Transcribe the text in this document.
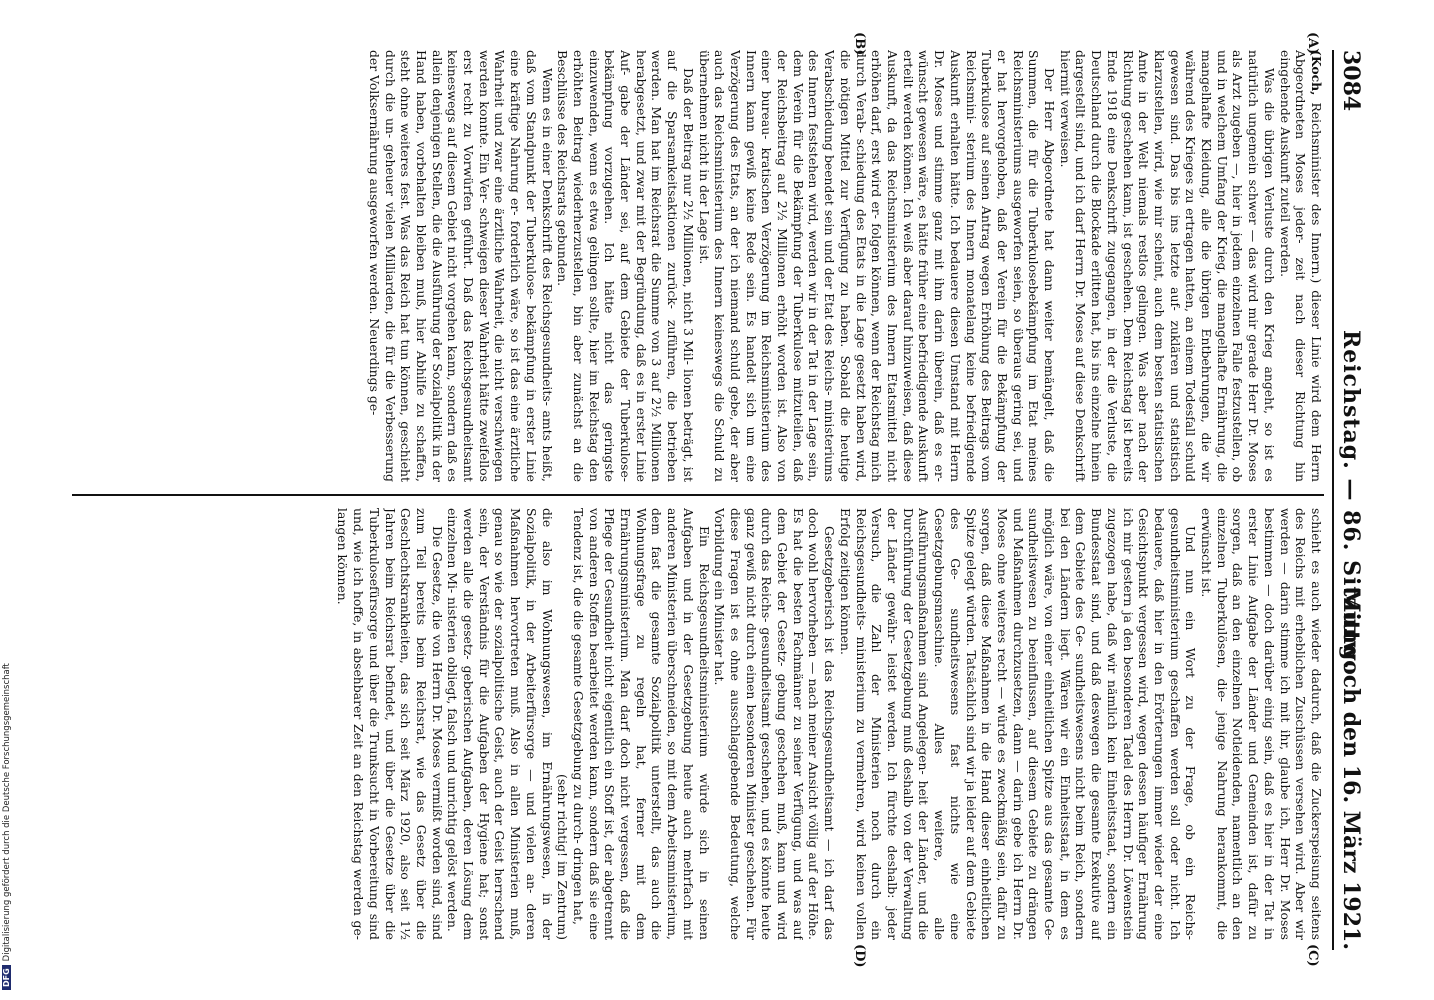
3084
Reichstag. — 86. Sitzung.
Mittwoch den 16. März 1921.
(A)
(B)
(C)
(D)

(Koch, Reichsminister des Innern.) dieser Linie wird dem Herrn Abgeordneten Moses jeder- zeit nach dieser Richtung hin eingehende Auskunft zuteil werden.

Was die übrigen Verluste durch den Krieg angeht, so ist es natürlich ungemein schwer — das wird mir gerade Herr Dr. Moses als Arzt zugeben —, hier in jedem einzelnen Falle festzustellen, ob und in welchem Umfang der Krieg, die mangelhafte Ernährung, die mangelhafte Kleidung, alle die übrigen Entbehrungen, die wir während des Krieges zu ertragen hatten, an einem Todesfall schuld gewesen sind. Das bis ins letzte auf- zuklären und statistisch klarzustellen, wird, wie mir scheint, auch dem besten statistischen Amte in der Welt niemals restlos gelingen. Was aber nach der Richtung geschehen kann, ist geschehen. Dem Reichstag ist bereits Ende 1918 eine Denkschrift zugegangen, in der die Verluste, die Deutschland durch die Blockade erlitten hat, bis ins einzelne hinein dargestellt sind, und ich darf Herrn Dr. Moses auf diese Denkschrift hiermit verweisen.

Der Herr Abgeordnete hat dann weiter bemängelt, daß die Summen, die für die Tuberkulosebekämpfung im Etat meines Reichsministeriums ausgeworfen seien, so überaus gering sei, und er hat hervorgehoben, daß der Verein für die Bekämpfung der Tuberkulose auf seinen Antrag wegen Erhöhung des Beitrags vom Reichsmini- sterium des Innern monatelang keine befriedigende Auskunft erhalten hätte. Ich bedauere diesen Umstand mit Herrn Dr. Moses und stimme ganz mit ihm darin überein, daß es er- wünscht gewesen wäre, es hätte früher eine befriedigende Auskunft erteilt werden können. Ich weiß aber darauf hinzuweisen, daß diese Auskunft, da das Reichsministerium des Innern Etatsmittel nicht erhöhen darf, erst wird er- folgen können, wenn der Reichstag mich durch Verab- schiedung des Etats in die Lage gesetzt haben wird, die nötigen Mittel zur Verfügung zu haben. Sobald die heutige Verabschiedung beendet sein und der Etat des Reichs- ministeriums des Innern feststehen wird, werden wir in der Tat in der Lage sein, dem Verein für die Bekämpfung der Tuberkulose mitzuteilen, daß der Reichsbeitrag auf 2½ Millionen erhöht worden ist. Also von einer bureau- kratischen Verzögerung im Reichsministerium des Innern kann gewiß keine Rede sein. Es handelt sich um eine Verzögerung des Etats, an der ich niemand schuld gebe, der aber auch das Reichsministerium des Innern keineswegs die Schuld zu übernehmen nicht in der Lage ist.

Daß der Beitrag nur 2½ Millionen, nicht 3 Mil- lionen beträgt, ist auf die Sparsamkeitsaktionen zurück- zuführen, die betrieben werden. Man hat im Reichsrat die Summe von 3 auf 2½ Millionen herabgesetzt, und zwar mit der Begründung, daß es in erster Linie Auf- gabe der Länder sei, auf dem Gebiete der Tuberkulose- bekämpfung vorzugehen. Ich hätte nicht das geringste einzuwenden, wenn es etwa gelingen sollte, hier im Reichstag den erhöhten Beitrag wiederherzustellen, bin aber zunächst an die Beschlüsse des Reichsrats gebunden.

Wenn es in einer Denkschrift des Reichsgesundheits- amts heißt, daß vom Standpunkt der Tuberkulose- bekämpfung in erster Linie eine kräftige Nahrung er- forderlich wäre, so ist das eine ärztliche Wahrheit und zwar eine ärztliche Wahrheit, die nicht verschwiegen werden konnte. Ein Ver- schweigen dieser Wahrheit hätte zweifellos erst recht zu Vorwürfen geführt. Daß das Reichsgesundheitsamt keineswegs auf diesem Gebiet nicht vorgehen kann, sondern daß es allein denjenigen Stellen, die die Ausführung der Sozialpolitik in der Hand haben, vorbehalten bleiben muß, hier Abhilfe zu schaffen, steht ohne weiteres fest. Was das Reich hat tun können, geschieht durch die un- geheuer vielen Milliarden, die für die Verbesserung der Volksernährung ausgeworfen werden. Neuerdings ge-

schieht es auch wieder dadurch, daß die Zuckerspeisung seitens des Reichs mit erheblichen Zuschüssen versehen wird. Aber wir werden — darin stimme ich mit ihr, glaube ich, Herr Dr. Moses bestimmen — doch darüber einig sein, daß es hier in der Tat in erster Linie Aufgabe der Länder und Gemeinden ist, dafür zu sorgen, daß an den einzelnen Notleidenden, namentlich an den einzelnen Tuberkulösen, die- jenige Nahrung herankommt, die erwünscht ist.

Und nun ein Wort zu der Frage, ob ein Reichs- gesundheitsministerium geschaffen werden soll oder nicht. Ich bedauere, daß hier in den Erörterungen immer wieder der eine Gesichtspunkt vergessen wird, wegen dessen häufiger Ernährung ich mir gestern ja den besonderen Tadel des Herrn Dr. Löwenstein zugezogen habe, daß wir nämlich kein Einheitsstaat, sondern ein Bundesstaat sind, und daß deswegen die gesamte Exekutive auf dem Gebiete des Ge- sundheitswesens nicht beim Reich, sondern bei den Ländern liegt. Wären wir ein Einheitsstaat, in dem es möglich wäre, von einer einheitlichen Spitze aus das gesamte Ge- sundheitswesen zu beeinflussen, auf diesem Gebiete zu drängen und Maßnahmen durchzusetzen, dann — darin gebe ich Herrn Dr. Moses ohne weiteres recht — würde es zweckmäßig sein, dafür zu sorgen, daß diese Maßnahmen in die Hand dieser einheitlichen Spitze gelegt würden. Tatsächlich sind wir ja leider auf dem Gebiete des Ge- sundheitswesens fast nichts wie eine Gesetzgebungsmaschine. Alles weitere, alle Ausführungsmaßnahmen sind Angelegen- heit der Länder, und die Durchführung der Gesetzgebung muß deshalb von der Verwaltung der Länder gewähr- leistet werden. Ich fürchte deshalb: jeder Versuch, die Zahl der Ministerien noch durch ein Reichsgesundheits- ministerium zu vermehren, wird keinen vollen Erfolg zeitigen können.

Gesetzgeberisch ist das Reichsgesundheitsamt — ich darf das doch wohl hervorheben — nach meiner Ansicht völlig auf der Höhe. Es hat die besten Fachmänner zu seiner Verfügung, und was auf dem Gebiet der Gesetz- gebung geschehen muß, kann und wird durch das Reichs- gesundheitsamt geschehen, und es könnte heute ganz gewiß nicht durch einen besonderen Minister geschehen. Für diese Fragen ist es ohne ausschlaggebende Bedeutung, welche Vorbildung ein Minister hat.

Ein Reichsgesundheitsministerium würde sich in seinen Aufgaben und in der Gesetzgebung heute auch mehrfach mit anderen Ministerien überschneiden, so mit dem Arbeitsministerium, dem fast die gesamte Sozialpolitik unterstellt, das auch die Wohnungsfrage zu regeln hat, ferner mit dem Ernährungsministerium. Man darf doch nicht vergessen, daß die Pflege der Gesundheit nicht eigentlich ein Stoff ist, der abgetrennt von anderen Stoffen bearbeitet werden kann, sondern daß sie eine Tendenz ist, die die gesamte Gesetzgebung zu durch- dringen hat,

(sehr richtig! im Zentrum)

die also im Wohnungswesen, im Ernährungswesen, in der Sozialpolitik, in der Arbeiterfürsorge — und vielen an- deren Maßnahmen hervortreten muß. Also in allen Ministerien muß, genau so wie der sozialpolitische Geist, auch der Geist herrschend sein, der Verständnis für die Aufgaben der Hygiene hat; sonst werden alle die gesetz- geberischen Aufgaben, deren Lösung dem einzelnen Mi- nisterien obliegt, falsch und unrichtig gelöst werden.

Die Gesetze, die von Herrn Dr. Moses vermißt worden sind, sind zum Teil bereits beim Reichsrat, wie das Gesetz über die Geschlechtskrankheiten, das sich seit März 1920, also seit 1½ Jahren beim Reichsrat befindet, und über die Gesetze über die Tuberkulosefürsorge und über die Trunksucht in Vorbereitung sind und, wie ich hoffe, in absehbarer Zeit an den Reichstag werden ge- langen können.

DFGDigitalisierung gefördert durch die Deutsche Forschungsgemeinschaft
